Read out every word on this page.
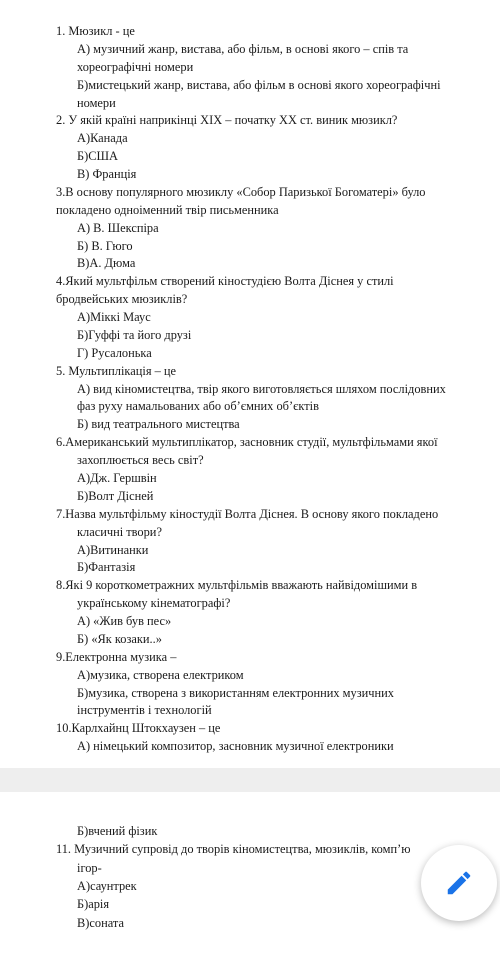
1. Мюзикл - це
А) музичний жанр, вистава, або фільм, в основі якого – спів та
хореографічні номери
Б)мистецький жанр, вистава, або фільм в основі якого хореографічні
номери
2. У якій країні наприкінці XIX – початку XX ст. виник мюзикл?
А)Канада
Б)США
В) Франція
3.В основу популярного мюзиклу «Собор Паризької Богоматері» було
покладено одноіменний твір письменника
А) В. Шекспіра
Б) В. Гюго
В)А. Дюма
4.Який мультфільм створений кіностудією Волта Діснея у стилі
бродвейських мюзиклів?
А)Міккі Маус
Б)Гуффі та його друзі
Г) Русалонька
5. Мультиплікація – це
А) вид кіномистецтва, твір якого виготовляється шляхом послідовних
фаз руху намальованих або об’ємних об’єктів
Б) вид театрального мистецтва
6.Американський мультиплікатор, засновник студії, мультфільмами якої
захоплюється весь світ?
А)Дж. Гершвін
Б)Волт Дісней
7.Назва мультфільму кіностудії Волта Діснея. В основу якого покладено
класичні твори?
А)Витинанки
Б)Фантазія
8.Які 9 короткометражних мультфільмів вважають найвідомішими в
українському кінематографі?
А) «Жив був пес»
Б) «Як козаки..»
9.Електронна музика –
А)музика, створена електриком
Б)музика, створена з використанням електронних музичних
інструментів і технологій
10.Карлхайнц Штокхаузен – це
А) німецький композитор, засновник музичної електроники
Б)вчений фізик
11. Музичний супровід до творів кіномистецтва, мюзиклів, комп’ю
ігор-
А)саунтрек
Б)арія
В)соната
